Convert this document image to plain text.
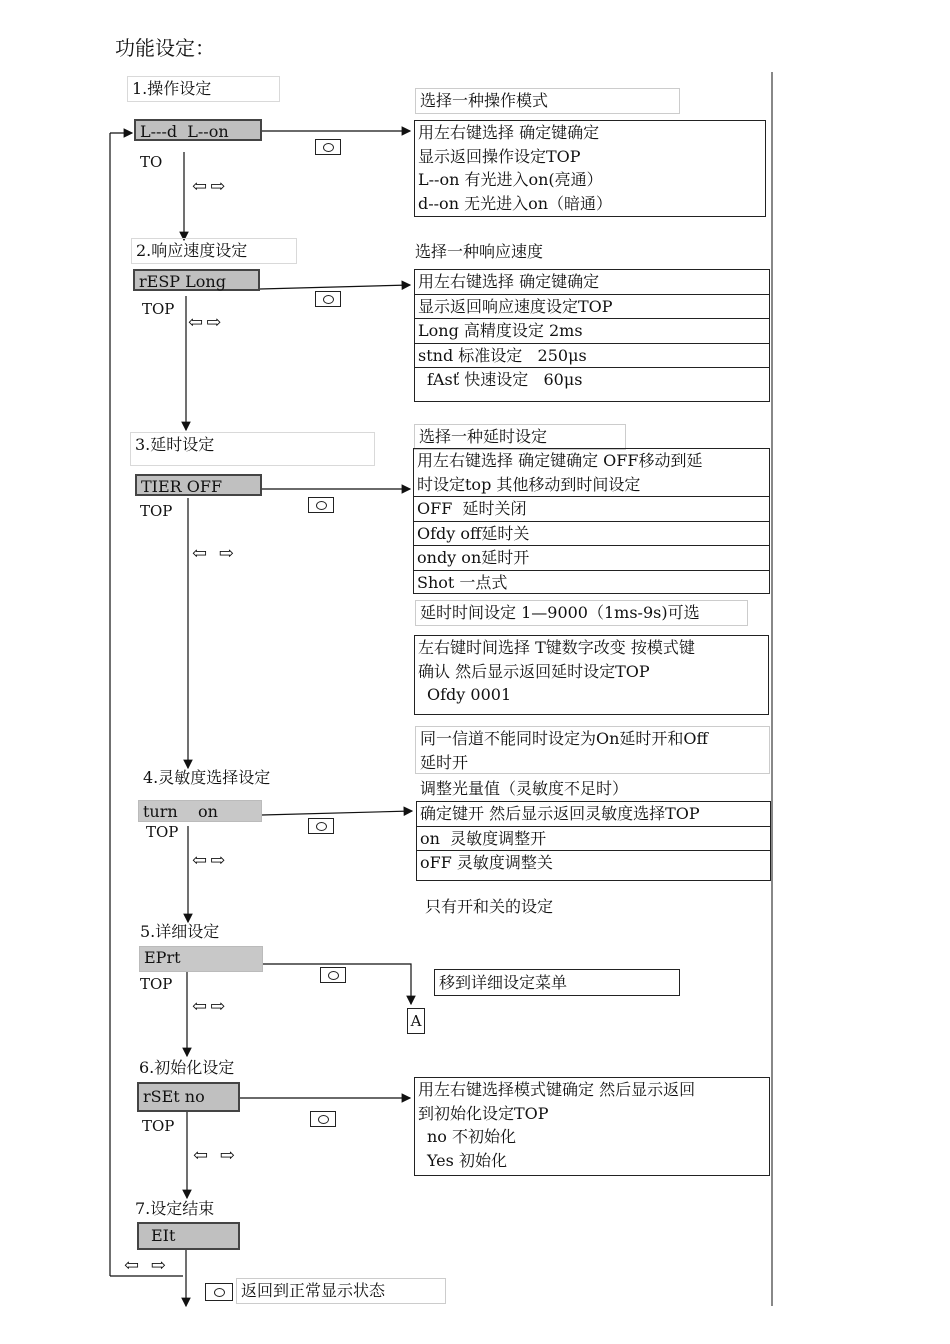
功能设定：
1.操作设定
L---d  L--on
TO
⇦⇨
选择一种操作模式
用左右键选择 确定键确定
显示返回操作设定TOP
L--on 有光进入on(亮通）
d--on 无光进入on（暗通）
2.响应速度设定
rESP Long
TOP
⇦⇨
选择一种响应速度
用左右键选择 确定键确定
显示返回响应速度设定TOP
Long 高精度设定 2ms
stnd 标准设定   250μs
fAsť 快速设定   60μs
3.延时设定
TIER OFF
TOP
⇦ ⇨
选择一种延时设定
用左右键选择 确定键确定 OFF移动到延
时设定top 其他移动到时间设定
OFF  延时关闭
Ofdy off延时关
ondy on延时开
Shot 一点式
延时时间设定 1—9000（1ms-9s)可选
左右键时间选择 T键数字改变 按模式键
确认 然后显示返回延时设定TOP
Ofdy 0001
同一信道不能同时设定为On延时开和Off
延时开
4.灵敏度选择设定
turn    on
TOP
⇦⇨
调整光量值（灵敏度不足时）
确定键开 然后显示返回灵敏度选择TOP
on  灵敏度调整开
oFF 灵敏度调整关
只有开和关的设定
5.详细设定
EPrt
TOP
⇦⇨
A
移到详细设定菜单
6.初始化设定
rSEt no
TOP
⇦ ⇨
用左右键选择模式键确定 然后显示返回
到初始化设定TOP
no 不初始化
Yes 初始化
7.设定结束
EIt
⇦ ⇨
返回到正常显示状态
